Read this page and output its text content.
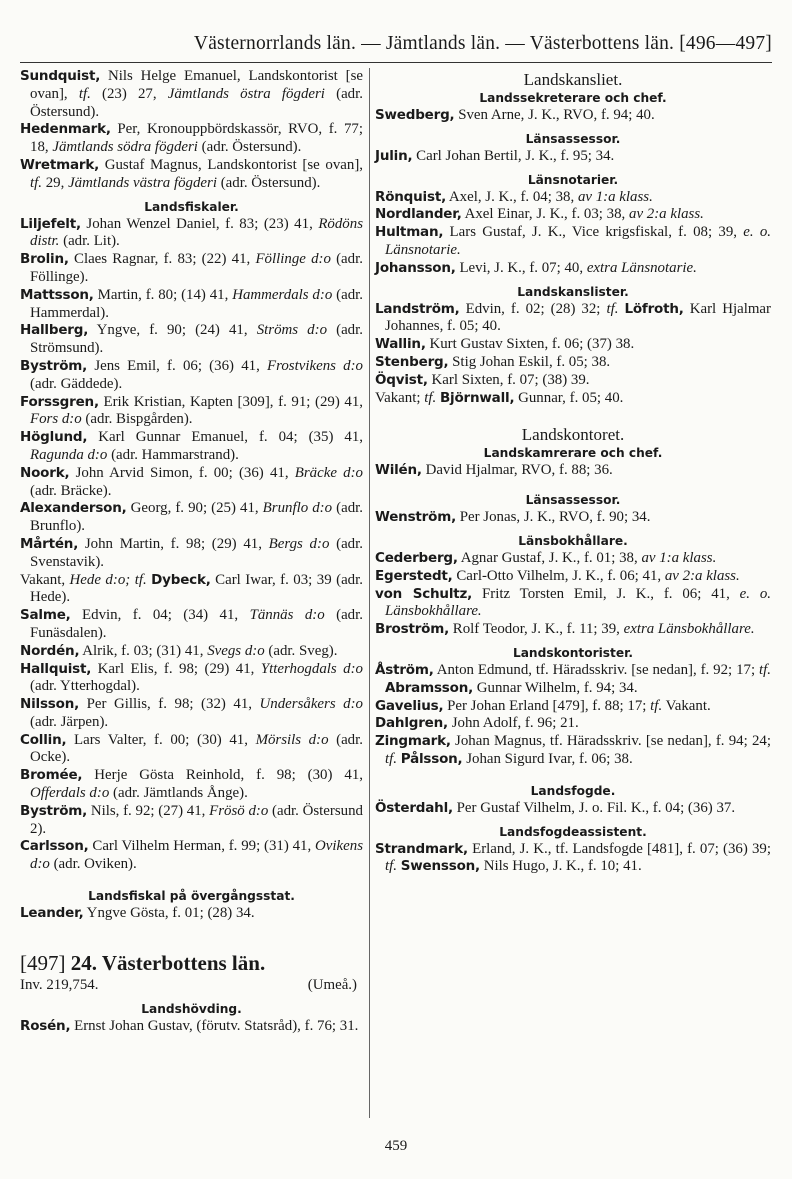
Västernorrlands län. — Jämtlands län. — Västerbottens län. [496—497]
Sundquist, Nils Helge Emanuel, Landskontorist [se ovan], tf. (23) 27, Jämtlands östra fögderi (adr. Östersund).
Hedenmark, Per, Kronouppbördskassör, RVO, f. 77; 18, Jämtlands södra fögderi (adr. Östersund).
Wretmark, Gustaf Magnus, Landskontorist [se ovan], tf. 29, Jämtlands västra fögderi (adr. Östersund).
Landsfiskaler.
Liljefelt, Johan Wenzel Daniel, f. 83; (23) 41, Rödöns distr. (adr. Lit).
Brolin, Claes Ragnar, f. 83; (22) 41, Föllinge d:o (adr. Föllinge).
Mattsson, Martin, f. 80; (14) 41, Hammerdals d:o (adr. Hammerdal).
Hallberg, Yngve, f. 90; (24) 41, Ströms d:o (adr. Strömsund).
Byström, Jens Emil, f. 06; (36) 41, Frostvikens d:o (adr. Gäddede).
Forssgren, Erik Kristian, Kapten [309], f. 91; (29) 41, Fors d:o (adr. Bispgården).
Höglund, Karl Gunnar Emanuel, f. 04; (35) 41, Ragunda d:o (adr. Hammarstrand).
Noork, John Arvid Simon, f. 00; (36) 41, Bräcke d:o (adr. Bräcke).
Alexanderson, Georg, f. 90; (25) 41, Brunflo d:o (adr. Brunflo).
Mårtén, John Martin, f. 98; (29) 41, Bergs d:o (adr. Svenstavik).
Vakant, Hede d:o; tf. Dybeck, Carl Iwar, f. 03; 39 (adr. Hede).
Salme, Edvin, f. 04; (34) 41, Tännäs d:o (adr. Funäsdalen).
Nordén, Alrik, f. 03; (31) 41, Svegs d:o (adr. Sveg).
Hallquist, Karl Elis, f. 98; (29) 41, Ytterhogdals d:o (adr. Ytterhogdal).
Nilsson, Per Gillis, f. 98; (32) 41, Undersåkers d:o (adr. Järpen).
Collin, Lars Valter, f. 00; (30) 41, Mörsils d:o (adr. Ocke).
Bromée, Herje Gösta Reinhold, f. 98; (30) 41, Offerdals d:o (adr. Jämtlands Ånge).
Byström, Nils, f. 92; (27) 41, Frösö d:o (adr. Östersund 2).
Carlsson, Carl Vilhelm Herman, f. 99; (31) 41, Ovikens d:o (adr. Oviken).
Landsfiskal på övergångsstat.
Leander, Yngve Gösta, f. 01; (28) 34.
[497] 24. Västerbottens län.
Inv. 219,754.	(Umeå.)
Landshövding.
Rosén, Ernst Johan Gustav, (förutv. Statsråd), f. 76; 31.
Landskansliet.
Landssekreterare och chef.
Swedberg, Sven Arne, J. K., RVO, f. 94; 40.
Länsassessor.
Julin, Carl Johan Bertil, J. K., f. 95; 34.
Länsnotarier.
Rönquist, Axel, J. K., f. 04; 38, av 1:a klass.
Nordlander, Axel Einar, J. K., f. 03; 38, av 2:a klass.
Hultman, Lars Gustaf, J. K., Vice krigsfiskal, f. 08; 39, e. o. Länsnotarie.
Johansson, Levi, J. K., f. 07; 40, extra Länsnotarie.
Landskanslister.
Landström, Edvin, f. 02; (28) 32; tf. Löfroth, Karl Hjalmar Johannes, f. 05; 40.
Wallin, Kurt Gustav Sixten, f. 06; (37) 38.
Stenberg, Stig Johan Eskil, f. 05; 38.
Öqvist, Karl Sixten, f. 07; (38) 39.
Vakant; tf. Björnwall, Gunnar, f. 05; 40.
Landskontoret.
Landskamrerare och chef.
Wilén, David Hjalmar, RVO, f. 88; 36.
Länsassessor.
Wenström, Per Jonas, J. K., RVO, f. 90; 34.
Länsbokhållare.
Cederberg, Agnar Gustaf, J. K., f. 01; 38, av 1:a klass.
Egerstedt, Carl-Otto Vilhelm, J. K., f. 06; 41, av 2:a klass.
von Schultz, Fritz Torsten Emil, J. K., f. 06; 41, e. o. Länsbokhållare.
Broström, Rolf Teodor, J. K., f. 11; 39, extra Länsbokhållare.
Landskontorister.
Åström, Anton Edmund, tf. Häradsskriv. [se nedan], f. 92; 17; tf. Abramsson, Gunnar Wilhelm, f. 94; 34.
Gavelius, Per Johan Erland [479], f. 88; 17; tf. Vakant.
Dahlgren, John Adolf, f. 96; 21.
Zingmark, Johan Magnus, tf. Häradsskriv. [se nedan], f. 94; 24; tf. Pålsson, Johan Sigurd Ivar, f. 06; 38.
Landsfogde.
Österdahl, Per Gustaf Vilhelm, J. o. Fil. K., f. 04; (36) 37.
Landsfogdeassistent.
Strandmark, Erland, J. K., tf. Landsfogde [481], f. 07; (36) 39; tf. Swensson, Nils Hugo, J. K., f. 10; 41.
459
